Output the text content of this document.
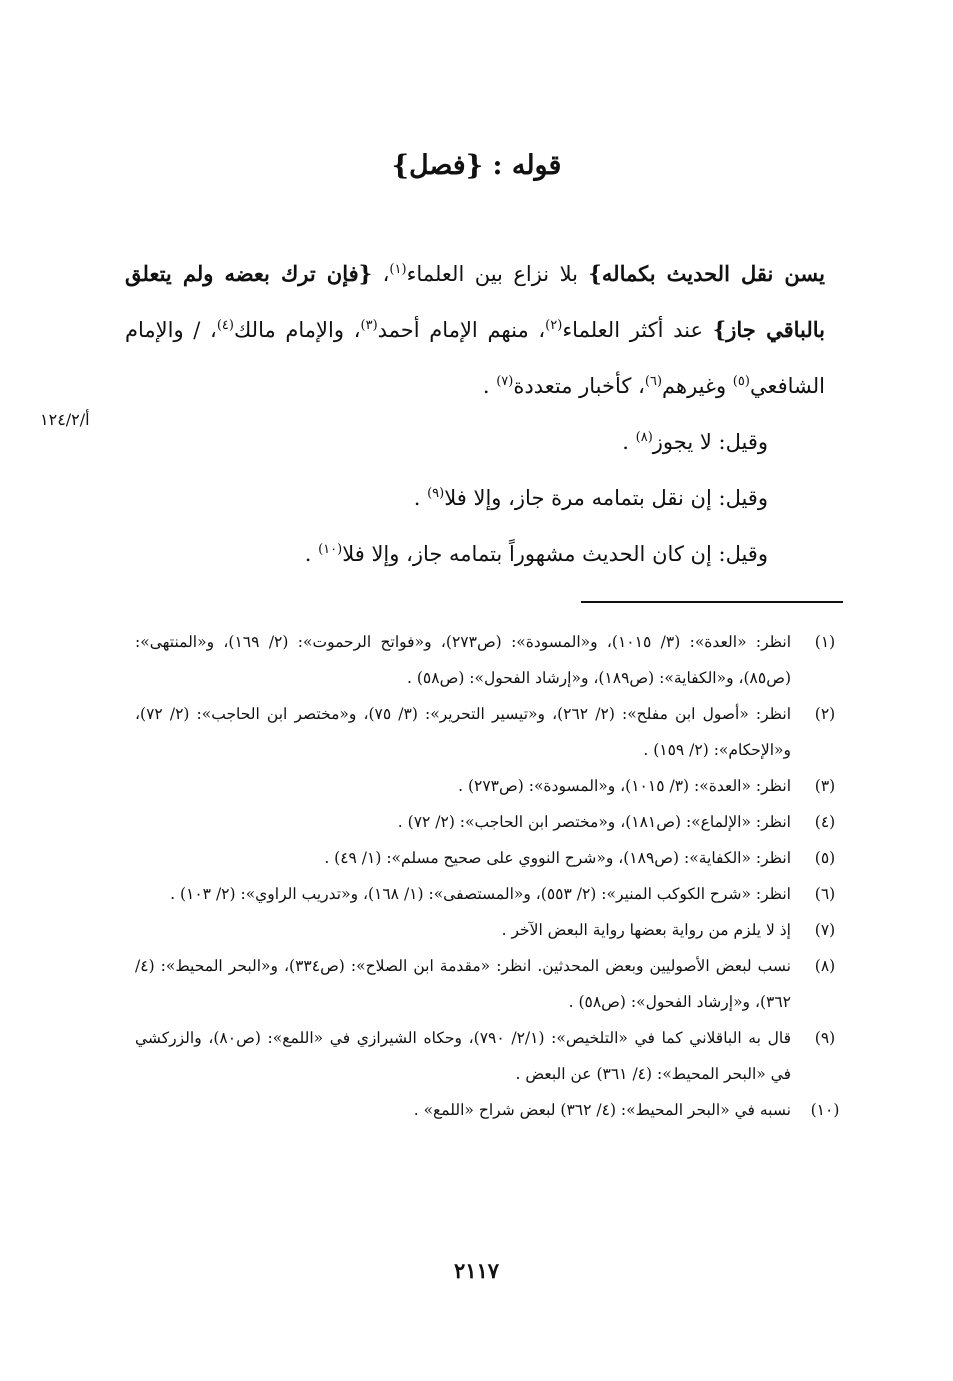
قوله : {فصل}

يسن نقل الحديث بكماله} بلا نزاع بين العلماء$^{(١)}$، {فإن ترك بعضه ولم يتعلق بالباقي جاز} عند أكثر العلماء$^{(٢)}$، منهم الإمام أحمد$^{(٣)}$، والإمام مالك$^{(٤)}$، / والإمام الشافعي$^{(٥)}$ وغيرهم$^{(٦)}$، كأخبار متعددة$^{(٧)}$ .

وقيل: لا يجوز$^{(٨)}$ .

وقيل: إن نقل بتمامه مرة جاز، وإلا فلا$^{(٩)}$ .

وقيل: إن كان الحديث مشهوراً بتمامه جاز، وإلا فلا$^{(١٠)}$ .

أ/١٢٤/٢
(١)
انظر: «العدة»: (٣/ ١٠١٥)، و«المسودة»: (ص٢٧٣)، و«فواتح الرحموت»: (٢/ ١٦٩)، و«المنتهى»: (ص٨٥)، و«الكفاية»: (ص١٨٩)، و«إرشاد الفحول»: (ص٥٨) .
(٢)
انظر: «أصول ابن مفلح»: (٢/ ٢٦٢)، و«تيسير التحرير»: (٣/ ٧٥)، و«مختصر ابن الحاجب»: (٢/ ٧٢)، و«الإحكام»: (٢/ ١٥٩) .
(٣)
انظر: «العدة»: (٣/ ١٠١٥)، و«المسودة»: (ص٢٧٣) .
(٤)
انظر: «الإلماع»: (ص١٨١)، و«مختصر ابن الحاجب»: (٢/ ٧٢) .
(٥)
انظر: «الكفاية»: (ص١٨٩)، و«شرح النووي على صحيح مسلم»: (١/ ٤٩) .
(٦)
انظر: «شرح الكوكب المنير»: (٢/ ٥٥٣)، و«المستصفى»: (١/ ١٦٨)، و«تدريب الراوي»: (٢/ ١٠٣) .
(٧)
إذ لا يلزم من رواية بعضها رواية البعض الآخر .
(٨)
نسب لبعض الأصوليين وبعض المحدثين. انظر: «مقدمة ابن الصلاح»: (ص٣٣٤)، و«البحر المحيط»: (٤/ ٣٦٢)، و«إرشاد الفحول»: (ص٥٨) .
(٩)
قال به الباقلاني كما في «التلخيص»: (٢/١/ ٧٩٠)، وحكاه الشيرازي في «اللمع»: (ص٨٠)، والزركشي في «البحر المحيط»: (٤/ ٣٦١) عن البعض .
(١٠)
نسبه في «البحر المحيط»: (٤/ ٣٦٢) لبعض شراح «اللمع» .
٢١١٧
